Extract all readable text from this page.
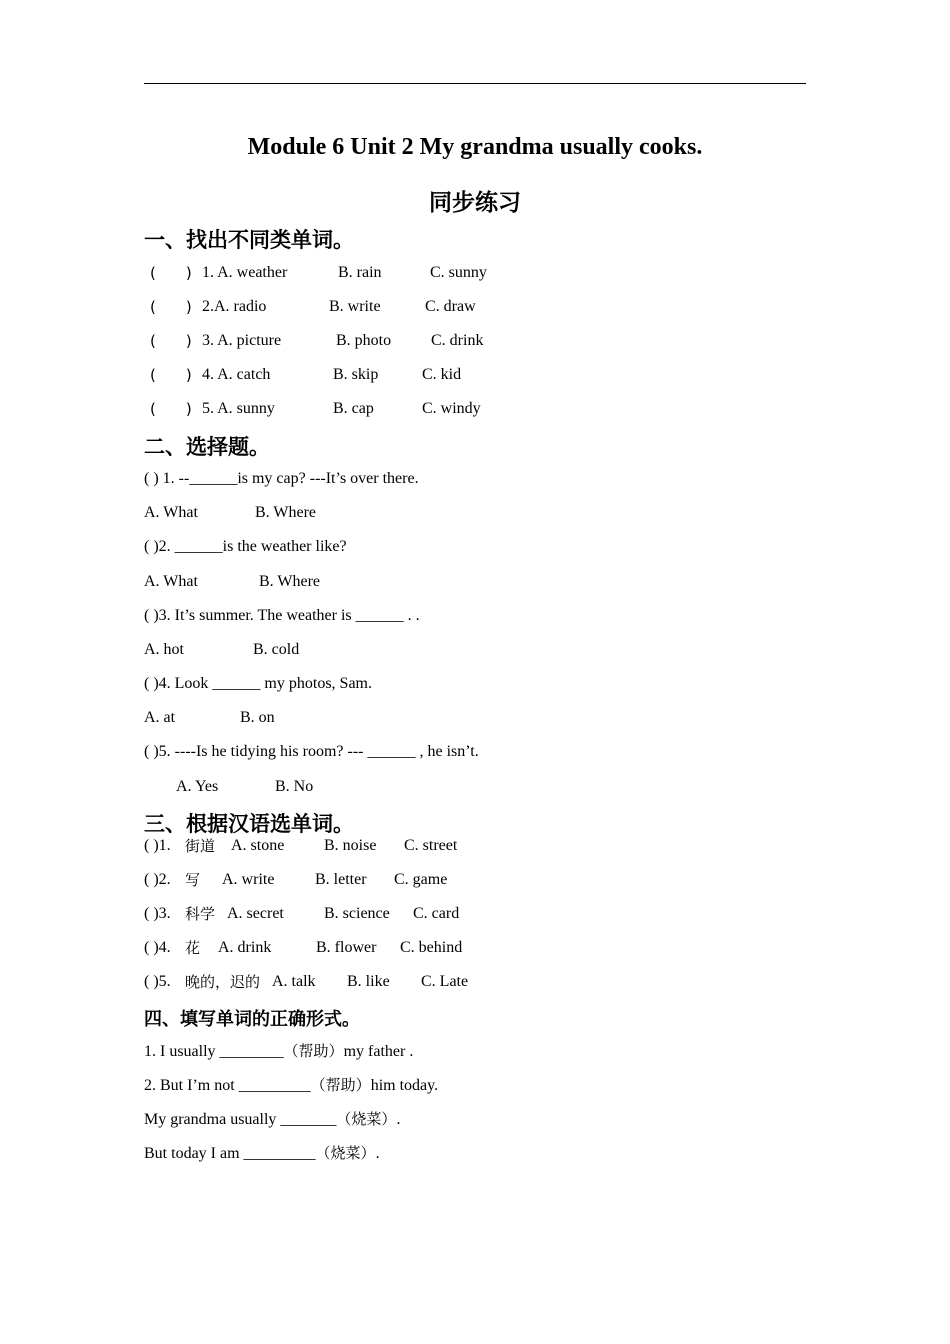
Module 6 Unit 2 My grandma usually cooks.
同步练习
一、找出不同类单词。
(　　) 1. A. weather	B. rain	C. sunny
(　　) 2.A. radio	B. write	C. draw
(　　) 3. A. picture	B. photo C. drink
(　　) 4. A. catch	B. skip	C. kid
(　　) 5. A. sunny	B. cap	C. windy
二、选择题。
( ) 1. --______is my cap? ---It’s over there.
A. What	B. Where
( )2. ______is the weather like?
A. What	B. Where
( )3. It’s summer. The weather is ______ . .
A. hot	B. cold
( )4. Look ______ my photos, Sam.
A. at	B. on
( )5. ----Is he tidying his room? --- ______ , he isn’t.
A. Yes	B. No
三、根据汉语选单词。
( )1. 街道 A. stone B. noise C. street
( )2. 写 A. write	B. letter C. game
( )3. 科学 A. secret	B. science C. card
( )4. 花 A. drink	B. flower C. behind
( )5. 晚的，迟的 A. talk B. like C. Late
四、填写单词的正确形式。
1. I usually ________（帮助）my father .
2. But I’m not _________（帮助）him today.
My grandma usually _______（烧菜）.
But today I am _________（烧菜）.
